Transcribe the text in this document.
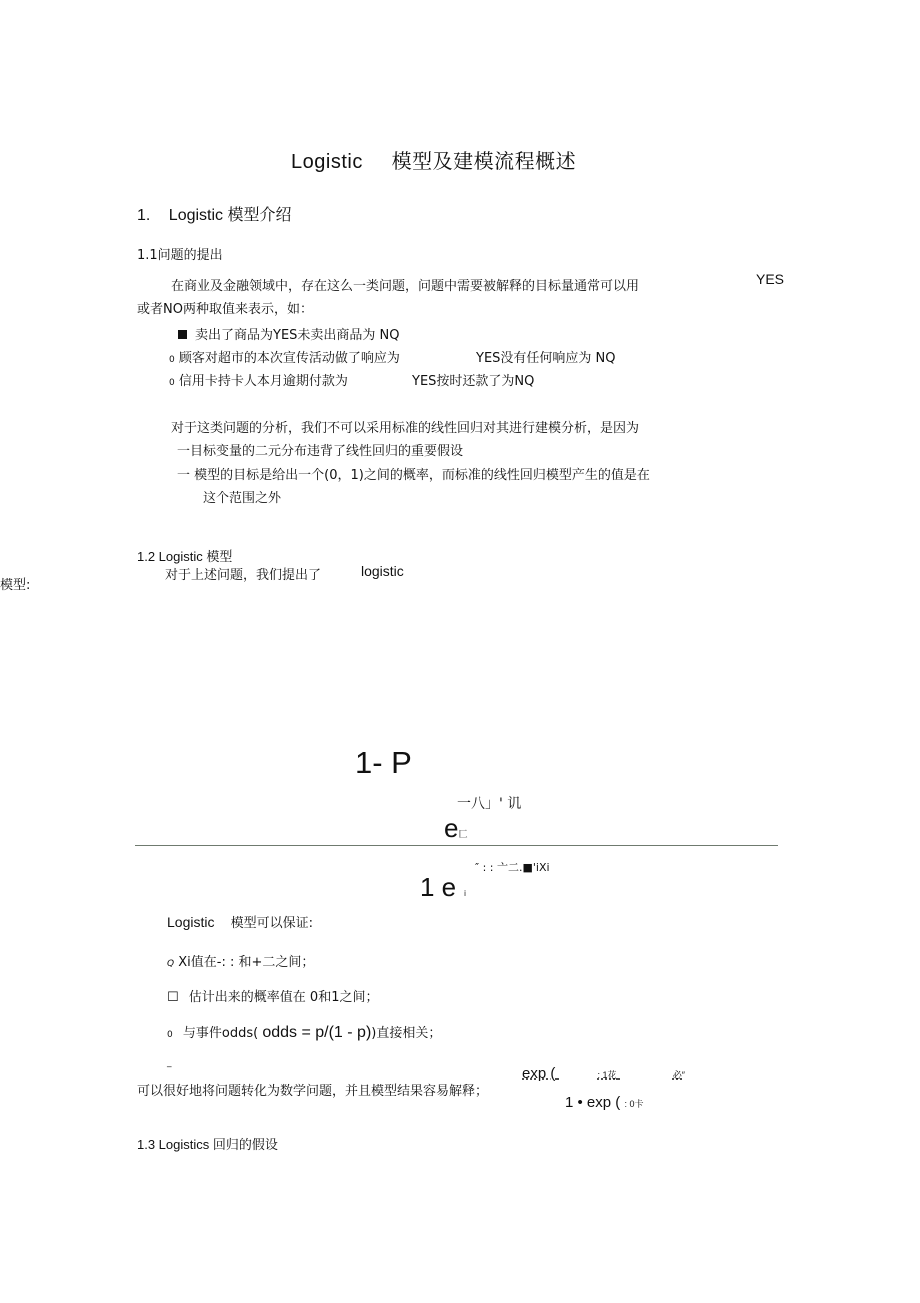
Logistic 模型及建模流程概述
1. Logistic 模型介绍
1.1问题的提出
在商业及金融领域中，存在这么一类问题，问题中需要被解释的目标量通常可以用	YES
或者NO两种取值来表示，如：
卖出了商品为YES未卖出商品为 NQ
0 顾客对超市的本次宣传活动做了响应为	YES没有任何响应为 NQ
0 信用卡持卡人本月逾期付款为	YES按时还款了为NQ
对于这类问题的分析，我们不可以采用标准的线性回归对其进行建模分析，是因为
一目标变量的二元分布违背了线性回归的重要假设
一 模型的目标是给出一个(0，1)之间的概率，而标准的线性回归模型产生的值是在
这个范围之外
1.2 Logistic 模型
对于上述问题，我们提出了	logistic
模型:
1- P
一八」' 讥
e匚
″ : : 亠二.■'iXi
1 e i
Logistic 模型可以保证:
Q Xi值在-: : 和+二之间；
☐ 估计出来的概率值在 0和1之间；
0 与事件odds( odds = p/(1 - p))直接相关；
_
可以很好地将问题转化为数学问题，并且模型结果容易解释；
exp (	: 1花	必″
1 • exp ( : 0卡
1.3 Logistics 回归的假设
